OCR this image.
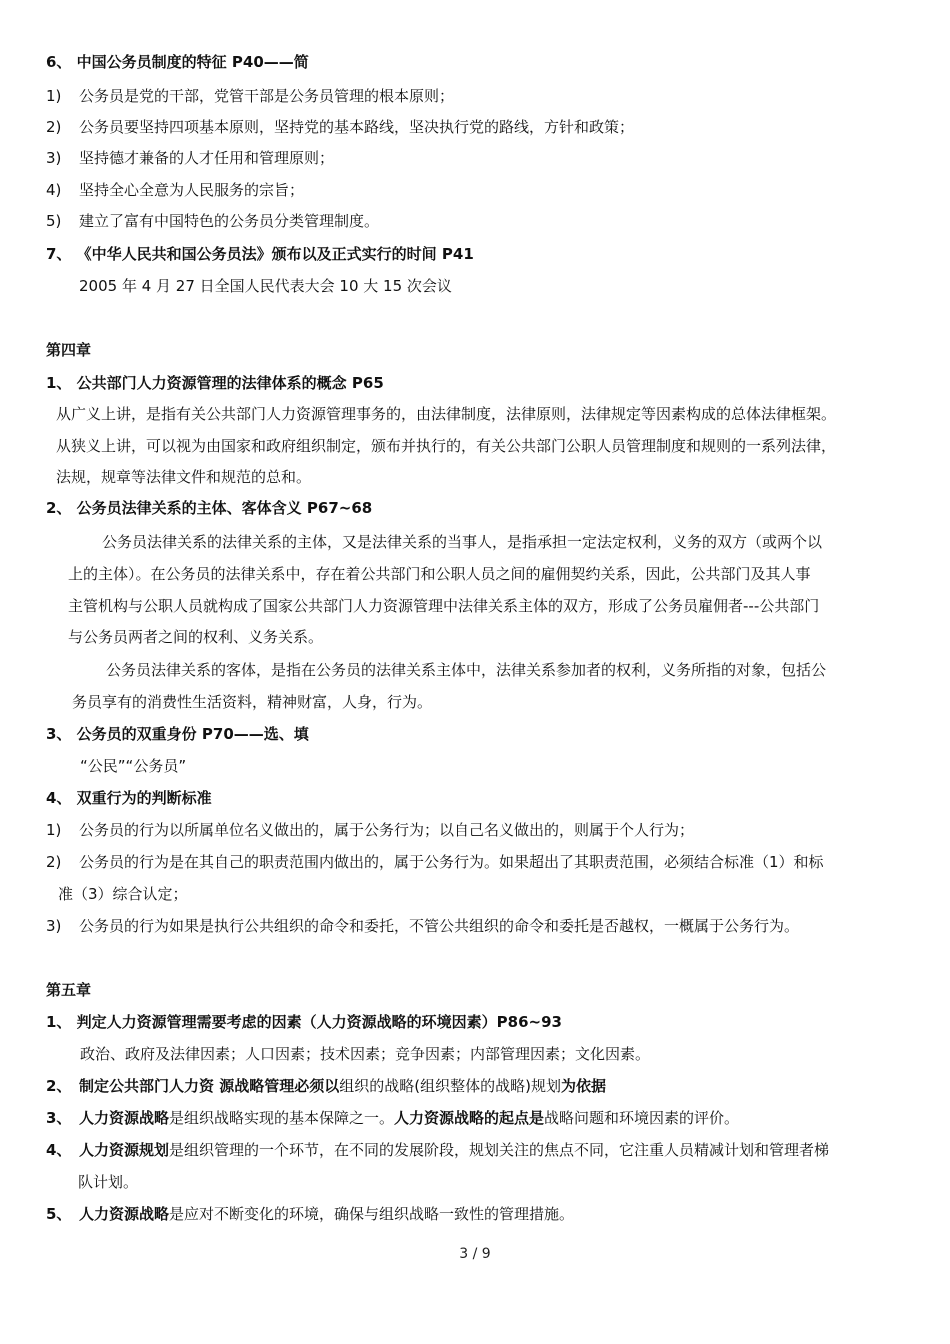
6、 中国公务员制度的特征 P40——简
1) 公务员是党的干部，党管干部是公务员管理的根本原则；
2) 公务员要坚持四项基本原则，坚持党的基本路线，坚决执行党的路线，方针和政策；
3) 坚持德才兼备的人才任用和管理原则；
4) 坚持全心全意为人民服务的宗旨；
5) 建立了富有中国特色的公务员分类管理制度。
7、 《中华人民共和国公务员法》颁布以及正式实行的时间 P41
2005 年 4 月 27 日全国人民代表大会 10 大 15 次会议
第四章
1、 公共部门人力资源管理的法律体系的概念 P65
从广义上讲，是指有关公共部门人力资源管理事务的，由法律制度，法律原则，法律规定等因素构成的总体法律框架。
从狭义上讲，可以视为由国家和政府组织制定，颁布并执行的，有关公共部门公职人员管理制度和规则的一系列法律，
法规，规章等法律文件和规范的总和。
2、 公务员法律关系的主体、客体含义 P67~68
公务员法律关系的法律关系的主体，又是法律关系的当事人，是指承担一定法定权利，义务的双方（或两个以
上的主体）。在公务员的法律关系中，存在着公共部门和公职人员之间的雇佣契约关系，因此，公共部门及其人事
主管机构与公职人员就构成了国家公共部门人力资源管理中法律关系主体的双方，形成了公务员雇佣者---公共部门
与公务员两者之间的权利、义务关系。
公务员法律关系的客体，是指在公务员的法律关系主体中，法律关系参加者的权利，义务所指的对象，包括公
务员享有的消费性生活资料，精神财富，人身，行为。
3、 公务员的双重身份 P70——选、填
“公民”“公务员”
4、 双重行为的判断标准
1) 公务员的行为以所属单位名义做出的，属于公务行为；以自己名义做出的，则属于个人行为；
2) 公务员的行为是在其自己的职责范围内做出的，属于公务行为。如果超出了其职责范围，必须结合标准（1）和标
准（3）综合认定；
3) 公务员的行为如果是执行公共组织的命令和委托，不管公共组织的命令和委托是否越权，一概属于公务行为。
第五章
1、 判定人力资源管理需要考虑的因素（人力资源战略的环境因素）P86~93
政治、政府及法律因素；人口因素；技术因素；竞争因素；内部管理因素；文化因素。
2、 制定公共部门人力资 源战略管理必须以组织的战略(组织整体的战略)规划为依据
3、 人力资源战略是组织战略实现的基本保障之一。人力资源战略的起点是战略问题和环境因素的评价。
4、 人力资源规划是组织管理的一个环节，在不同的发展阶段，规划关注的焦点不同，它注重人员精减计划和管理者梯
队计划。
5、 人力资源战略是应对不断变化的环境，确保与组织战略一致性的管理措施。
3 / 9
